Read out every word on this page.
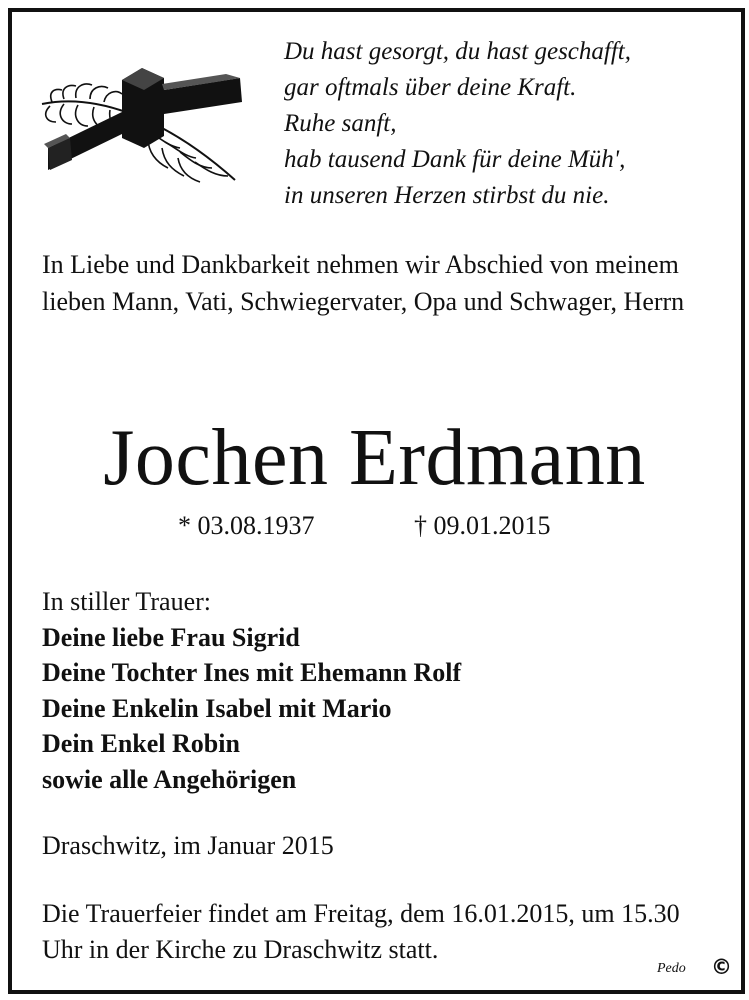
Du hast gesorgt, du hast geschafft,
gar oftmals über deine Kraft.
Ruhe sanft,
hab tausend Dank für deine Müh',
in unseren Herzen stirbst du nie.
In Liebe und Dankbarkeit nehmen wir Abschied von meinem lieben Mann, Vati, Schwiegervater, Opa und Schwager, Herrn
Jochen Erdmann
* 03.08.1937	† 09.01.2015
In stiller Trauer:
Deine liebe Frau Sigrid
Deine Tochter Ines mit Ehemann Rolf
Deine Enkelin Isabel mit Mario
Dein Enkel Robin
sowie alle Angehörigen
Draschwitz, im Januar 2015
Die Trauerfeier findet am Freitag, dem 16.01.2015, um 15.30 Uhr in der Kirche zu Draschwitz statt.
Pedo ©
